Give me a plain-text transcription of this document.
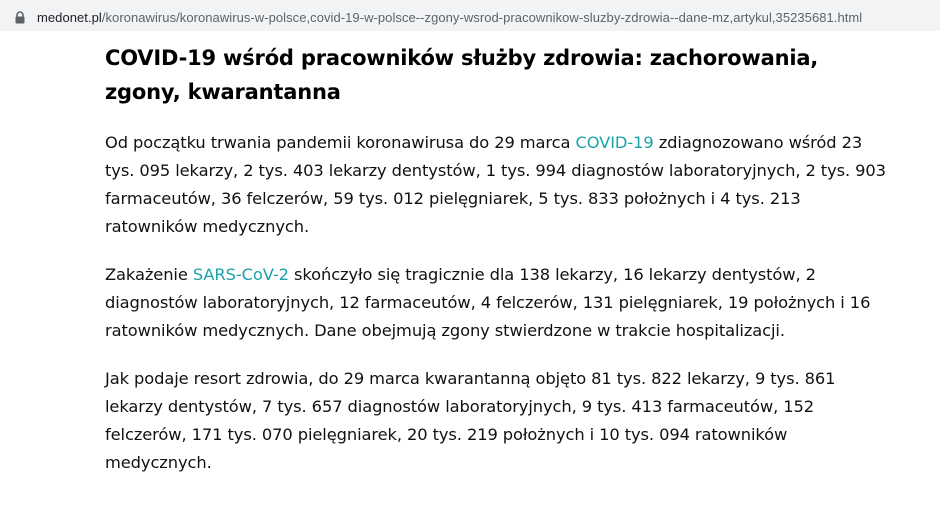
medonet.pl/koronawirus/koronawirus-w-polsce,covid-19-w-polsce--zgony-wsrod-pracownikow-sluzby-zdrowia--dane-mz,artykul,35235681.html
COVID-19 wśród pracowników służby zdrowia: zachorowania, zgony, kwarantanna

Od początku trwania pandemii koronawirusa do 29 marca COVID-19 zdiagnozowano wśród 23 tys. 095 lekarzy, 2 tys. 403 lekarzy dentystów, 1 tys. 994 diagnostów laboratoryjnych, 2 tys. 903 farmaceutów, 36 felczerów, 59 tys. 012 pielęgniarek, 5 tys. 833 położnych i 4 tys. 213 ratowników medycznych.

Zakażenie SARS-CoV-2 skończyło się tragicznie dla 138 lekarzy, 16 lekarzy dentystów, 2 diagnostów laboratoryjnych, 12 farmaceutów, 4 felczerów, 131 pielęgniarek, 19 położnych i 16 ratowników medycznych. Dane obejmują zgony stwierdzone w trakcie hospitalizacji.

Jak podaje resort zdrowia, do 29 marca kwarantanną objęto 81 tys. 822 lekarzy, 9 tys. 861 lekarzy dentystów, 7 tys. 657 diagnostów laboratoryjnych, 9 tys. 413 farmaceutów, 152 felczerów, 171 tys. 070 pielęgniarek, 20 tys. 219 położnych i 10 tys. 094 ratowników medycznych.
